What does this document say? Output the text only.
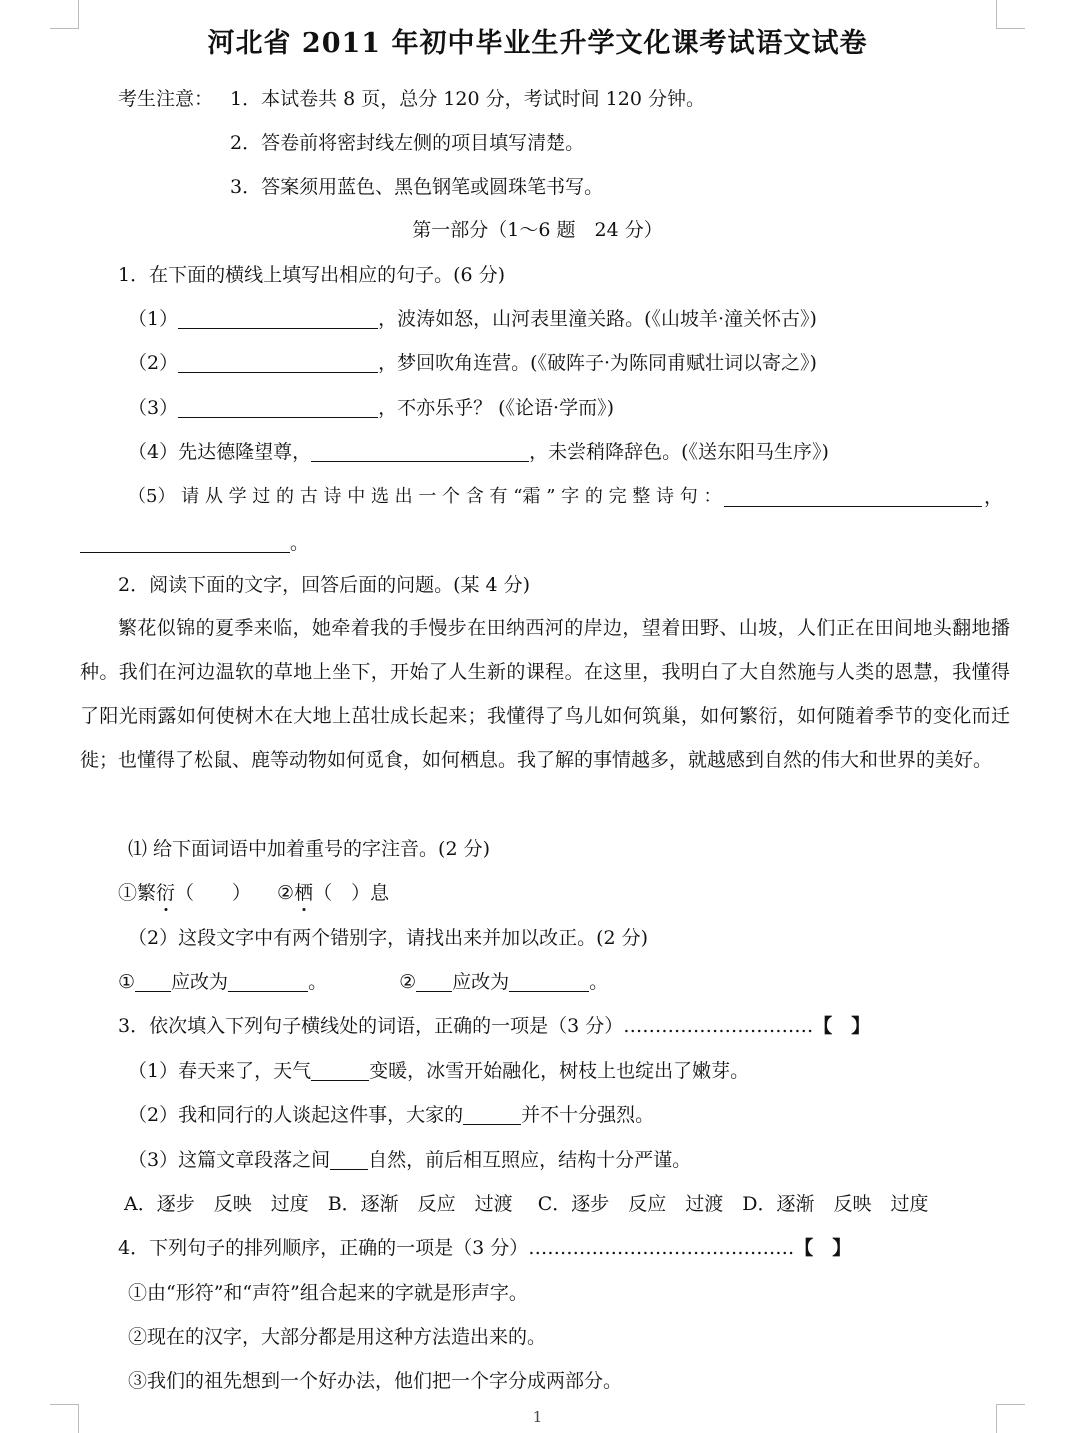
河北省 2011 年初中毕业生升学文化课考试语文试卷
考生注意： 1．本试卷共 8 页，总分 120 分，考试时间 120 分钟。
2．答卷前将密封线左侧的项目填写清楚。
3．答案须用蓝色、黑色钢笔或圆珠笔书写。
第一部分（1～6 题　24 分）
1．在下面的横线上填写出相应的句子。(6 分)
（1）	，波涛如怒，山河表里潼关路。(《山坡羊·潼关怀古》)
（2）	，梦回吹角连营。(《破阵子·为陈同甫赋壮词以寄之》)
（3）	，不亦乐乎？ (《论语·学而》)
（4）先达德隆望尊，	，未尝稍降辞色。(《送东阳马生序》)
（5） 请 从 学 过 的 古 诗 中 选 出 一 个 含 有 “霜 ” 字 的 完 整 诗 句 ：	，
。
2．阅读下面的文字，回答后面的问题。(某 4 分)
繁花似锦的夏季来临，她牵着我的手慢步在田纳西河的岸边，望着田野、山坡，人们正在田间地头翻地播种。我们在河边温软的草地上坐下，开始了人生新的课程。在这里，我明白了大自然施与人类的恩慧，我懂得了阳光雨露如何使树木在大地上茁壮成长起来；我懂得了鸟儿如何筑巢，如何繁衍，如何随着季节的变化而迁徙；也懂得了松鼠、鹿等动物如何觅食，如何栖息。我了解的事情越多，就越感到自然的伟大和世界的美好。
⑴ 给下面词语中加着重号的字注音。(2 分)
①繁衍（　　） ②栖（　）息
（2）这段文字中有两个错别字，请找出来并加以改正。(2 分)
① 应改为	。	② 应改为	。
3．依次填入下列句子横线处的词语，正确的一项是（3 分）…………………………【　】
（1）春天来了，天气	变暖，冰雪开始融化，树枝上也绽出了嫩芽。
（2）我和同行的人谈起这件事，大家的	并不十分强烈。
（3）这篇文章段落之间 自然，前后相互照应，结构十分严谨。
A．逐步　反映　过度　B．逐渐　反应　过渡　 C．逐步　反应　过渡　D．逐渐　反映　过度
4．下列句子的排列顺序，正确的一项是（3 分）……………………………………【　】
①由“形符”和“声符”组合起来的字就是形声字。
②现在的汉字，大部分都是用这种方法造出来的。
③我们的祖先想到一个好办法，他们把一个字分成两部分。
1
